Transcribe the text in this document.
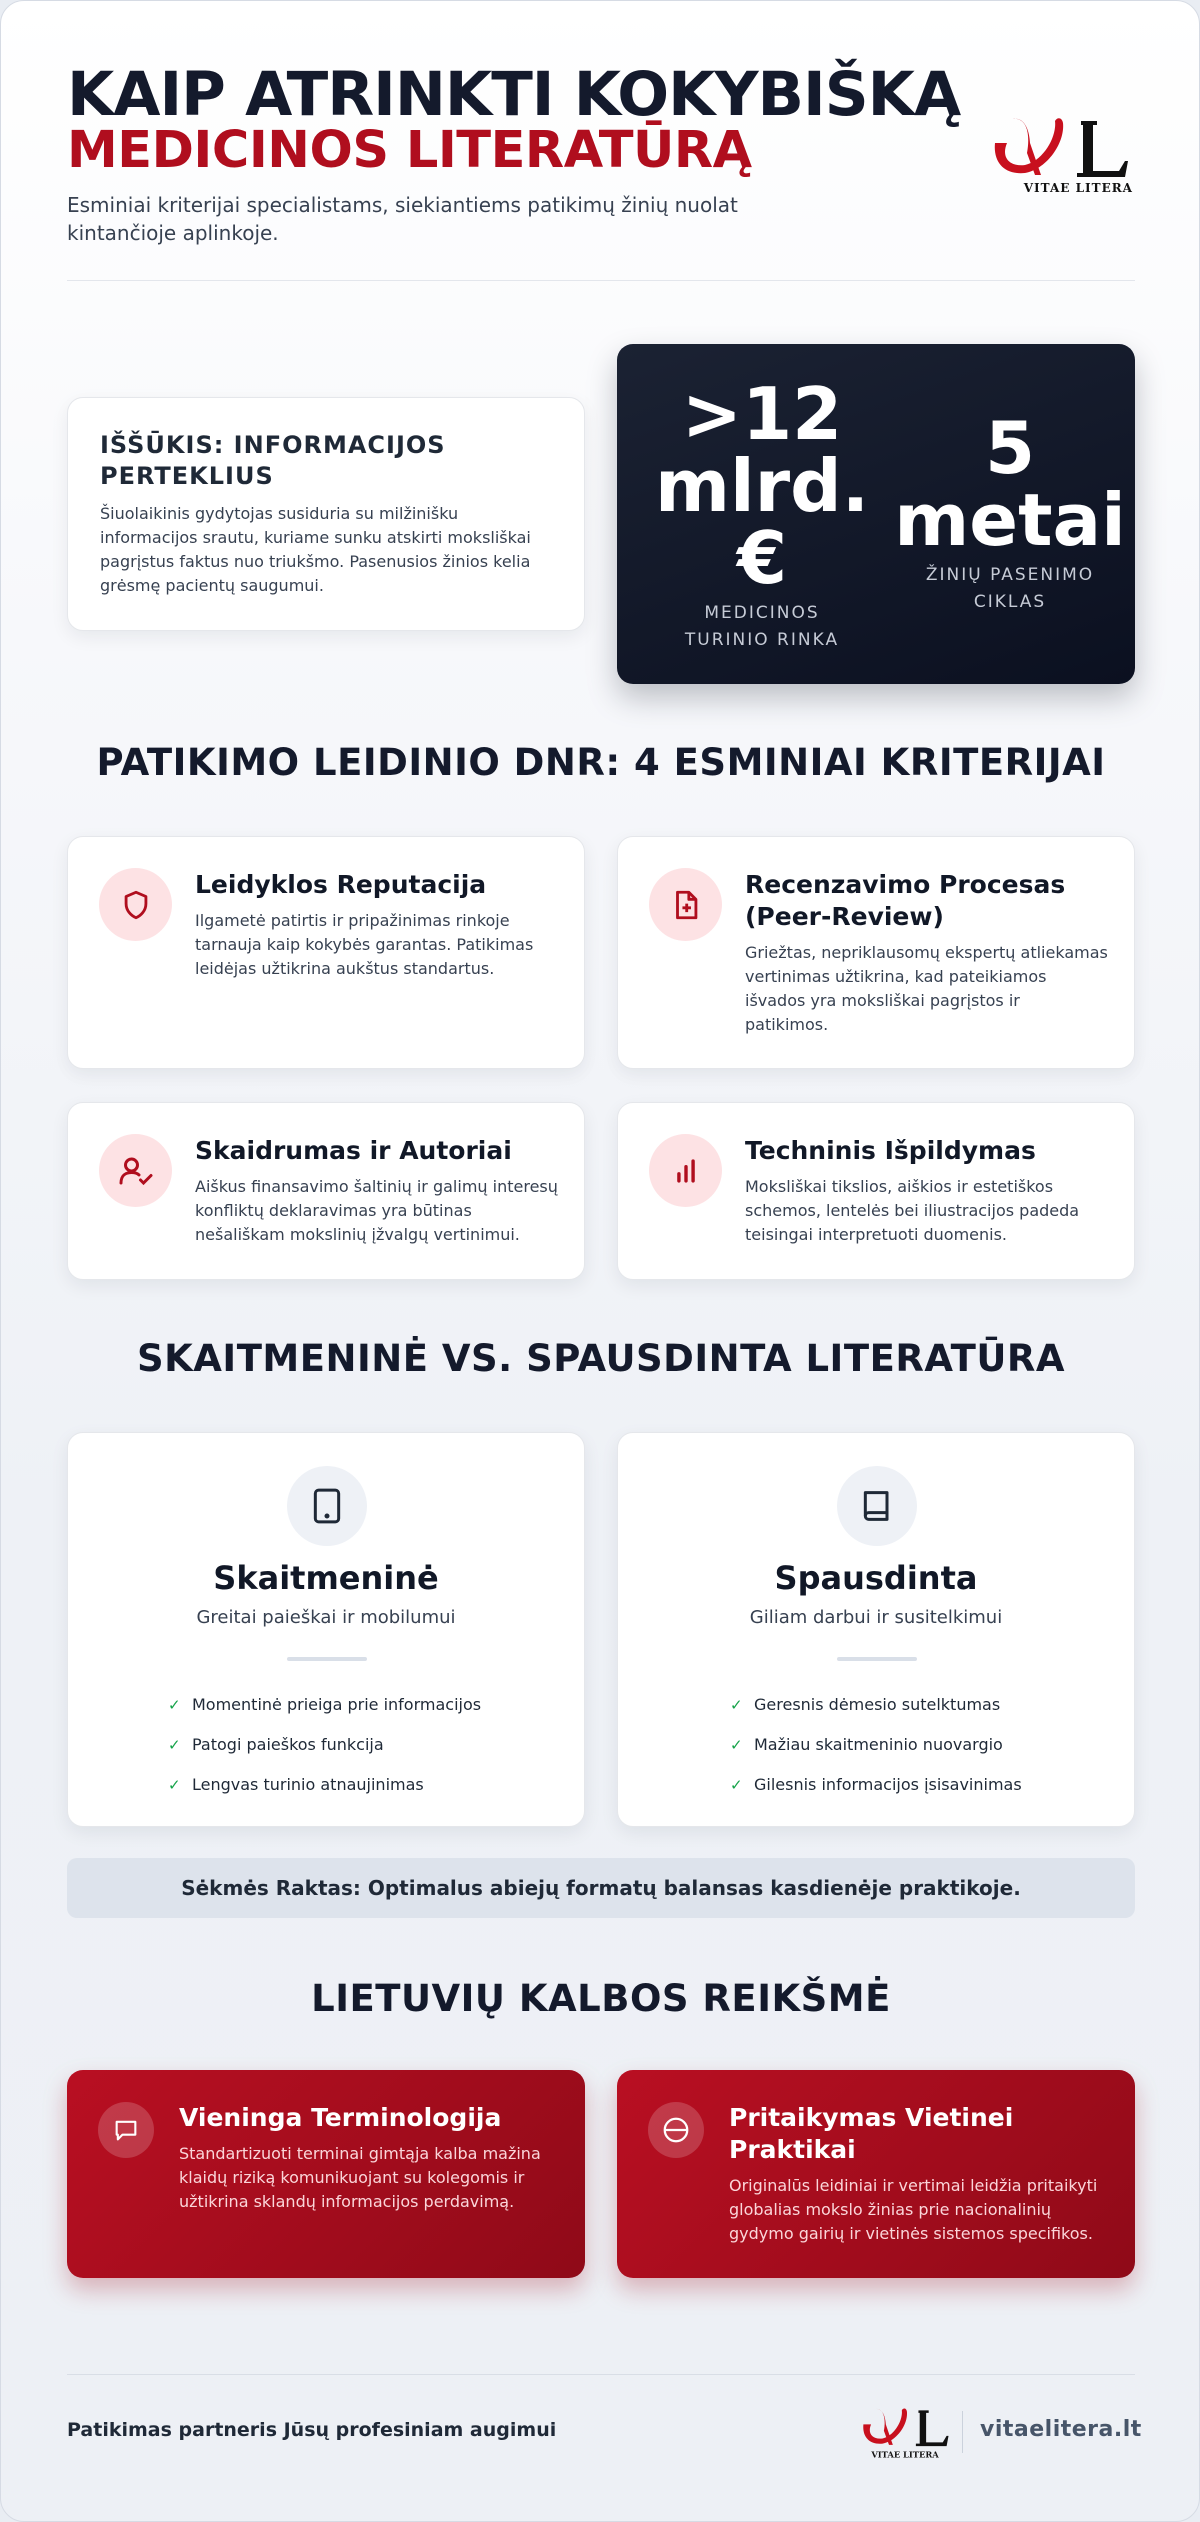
KAIP ATRINKTI KOKYBIŠKĄ
MEDICINOS LITERATŪRĄ
Esminiai kriterijai specialistams, siekiantiems patikimų žinių nuolat kintančioje aplinkoje.
VITAE LITERA
IŠŠŪKIS: INFORMACIJOS PERTEKLIUS
Šiuolaikinis gydytojas susiduria su milžinišku informacijos srautu, kuriame sunku atskirti moksliškai pagrįstus faktus nuo triukšmo. Pasenusios žinios kelia grėsmę pacientų saugumui.
>12
mlrd.
€
MEDICINOS
TURINIO RINKA
5
metai
ŽINIŲ PASENIMO
CIKLAS
PATIKIMO LEIDINIO DNR: 4 ESMINIAI KRITERIJAI
Leidyklos Reputacija
Ilgametė patirtis ir pripažinimas rinkoje tarnauja kaip kokybės garantas. Patikimas leidėjas užtikrina aukštus standartus.
Recenzavimo Procesas (Peer-Review)
Griežtas, nepriklausomų ekspertų atliekamas vertinimas užtikrina, kad pateikiamos išvados yra moksliškai pagrįstos ir patikimos.
Skaidrumas ir Autoriai
Aiškus finansavimo šaltinių ir galimų interesų konfliktų deklaravimas yra būtinas nešališkam mokslinių įžvalgų vertinimui.
Techninis Išpildymas
Moksliškai tikslios, aiškios ir estetiškos schemos, lentelės bei iliustracijos padeda teisingai interpretuoti duomenis.
SKAITMENINĖ VS. SPAUSDINTA LITERATŪRA
Skaitmeninė
Greitai paieškai ir mobilumui
✓ Momentinė prieiga prie informacijos
✓ Patogi paieškos funkcija
✓ Lengvas turinio atnaujinimas
Spausdinta
Giliam darbui ir susitelkimui
✓ Geresnis dėmesio sutelktumas
✓ Mažiau skaitmeninio nuovargio
✓ Gilesnis informacijos įsisavinimas
Sėkmės Raktas: Optimalus abiejų formatų balansas kasdienėje praktikoje.
LIETUVIŲ KALBOS REIKŠMĖ
Vieninga Terminologija
Standartizuoti terminai gimtąja kalba mažina klaidų riziką komunikuojant su kolegomis ir užtikrina sklandų informacijos perdavimą.
Pritaikymas Vietinei Praktikai
Originalūs leidiniai ir vertimai leidžia pritaikyti globalias mokslo žinias prie nacionalinių gydymo gairių ir vietinės sistemos specifikos.
Patikimas partneris Jūsų profesiniam augimui
VITAE LITERA
vitaelitera.lt
